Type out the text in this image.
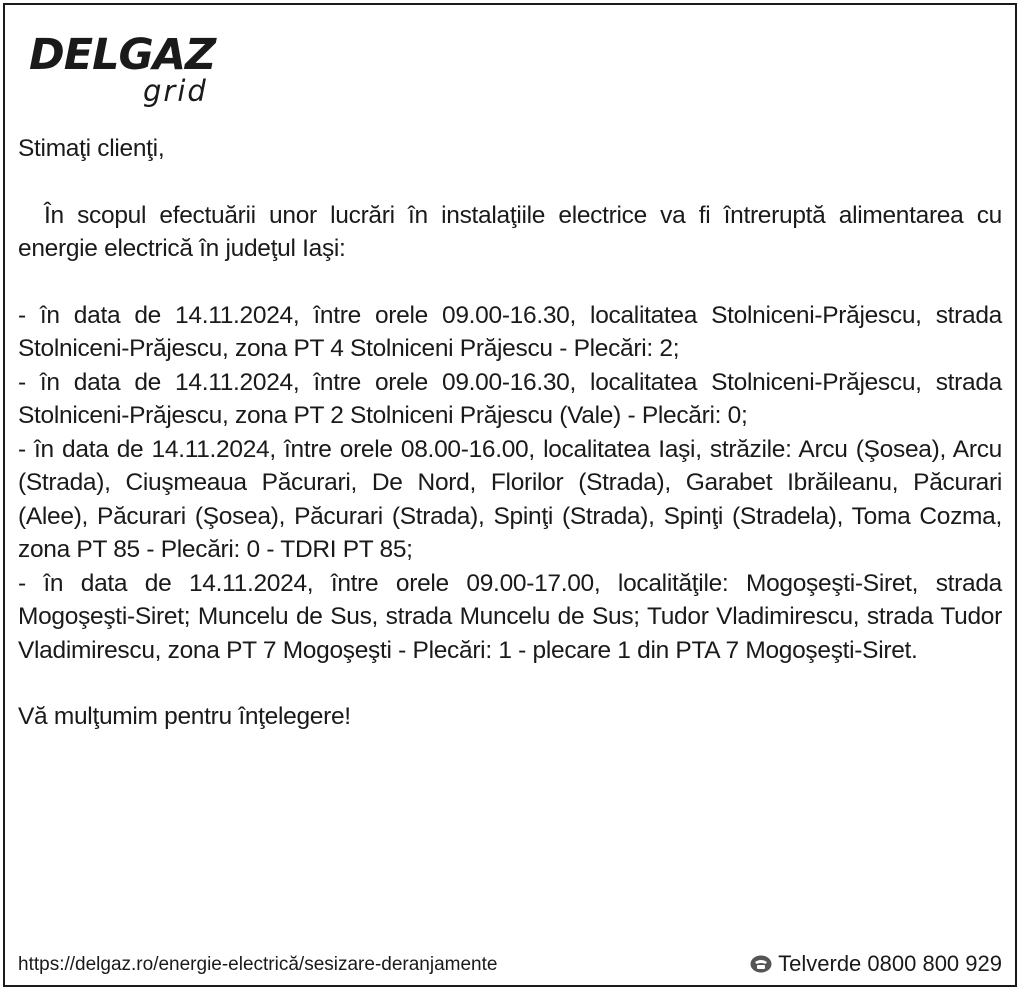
DELGAZ
grid

Stimaţi clienţi,

În scopul efectuării unor lucrări în instalaţiile electrice va fi întreruptă alimentarea cu energie electrică în judeţul Iaşi:

- în data de 14.11.2024, între orele 09.00-16.30, localitatea Stolniceni-Prăjescu, strada Stolniceni-Prăjescu, zona PT 4 Stolniceni Prăjescu - Plecări: 2;

- în data de 14.11.2024, între orele 09.00-16.30, localitatea Stolniceni-Prăjescu, strada Stolniceni-Prăjescu, zona PT 2 Stolniceni Prăjescu (Vale) - Plecări: 0;

- în data de 14.11.2024, între orele 08.00-16.00, localitatea Iaşi, străzile: Arcu (Şosea), Arcu (Strada), Ciuşmeaua Păcurari, De Nord, Florilor (Strada), Garabet Ibrăileanu, Păcurari (Alee), Păcurari (Şosea), Păcurari (Strada), Spinţi (Strada), Spinţi (Stradela), Toma Cozma, zona PT 85 - Plecări: 0 - TDRI PT 85;

- în data de 14.11.2024, între orele 09.00-17.00, localităţile: Mogoşeşti-Siret, strada Mogoşeşti-Siret; Muncelu de Sus, strada Muncelu de Sus; Tudor Vladimirescu, strada Tudor Vladimirescu, zona PT 7 Mogoşeşti - Plecări: 1 - plecare 1 din PTA 7 Mogoşeşti-Siret.

Vă mulţumim pentru înţelegere!

https://delgaz.ro/energie-electrică/sesizare-deranjamente	Telverde 0800 800 929
